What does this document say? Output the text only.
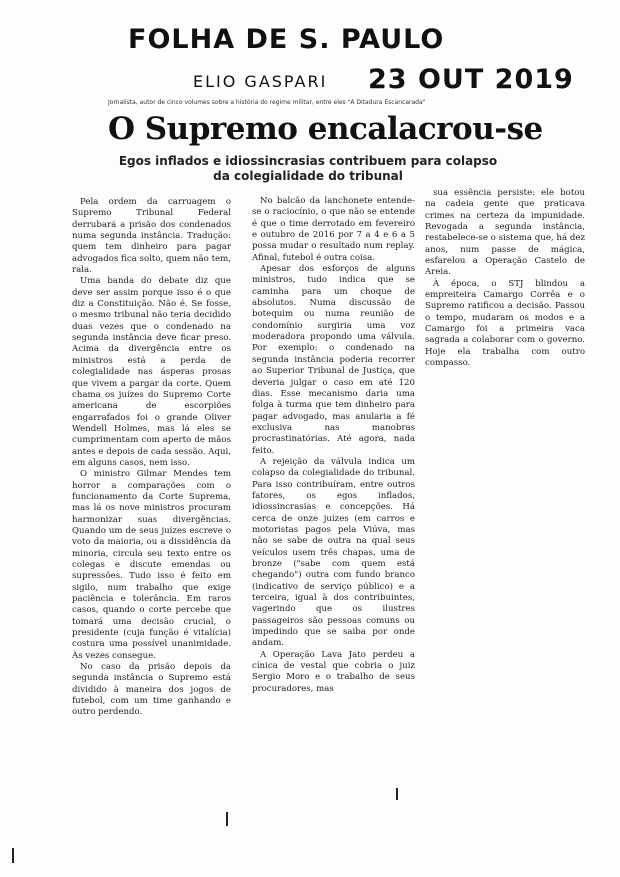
FOLHA DE S. PAULO
ELIO GASPARI 23 OUT 2019
Jornalista, autor de cinco volumes sobre a história do regime militar, entre eles "A Ditadura Escancarada"
O Supremo encalacrou-se
Egos inflados e idiossincrasias contribuem para colapso da colegialidade do tribunal

Pela ordem da carruagem o Supremo Tribunal Federal derrubará a prisão dos condenados numa segunda instância. Tradução: quem tem dinheiro para pagar advogados fica solto, quem não tem, rala.

Uma banda do debate diz que deve ser assim porque isso é o que diz a Constituição. Não é. Se fosse, o mesmo tribunal não teria decidido duas vezes que o condenado na segunda instância deve ficar preso. Acima da divergência entre os ministros está a perda de colegialidade nas ásperas prosas que vivem a pargar da corte. Quem chama os juízes do Supremo Corte americana de escorpiões engarrafados foi o grande Oliver Wendell Holmes, mas lá eles se cumprimentam com aperto de mãos antes e depois de cada sessão. Aqui, em alguns casos, nem isso.

O ministro Gilmar Mendes tem horror a comparações com o funcionamento da Corte Suprema, mas lá os nove ministros procuram harmonizar suas divergências. Quando um de seus juízes escreve o voto da maioria, ou a dissidência da minoria, circula seu texto entre os colegas e discute emendas ou supressões. Tudo isso é feito em sigilo, num trabalho que exige paciência e tolerância. Em raros casos, quando o corte percebe que tomará uma decisão crucial, o presidente (cuja função é vitalícia) costura uma possível unanimidade. Às vezes consegue.

No caso da prisão depois da segunda instância o Supremo está dividido à maneira dos jogos de futebol, com um time ganhando e outro perdendo.

No balcão da lanchonete entende-se o raciocínio, o que não se entende é que o time derrotado em fevereiro e outubro de 2016 por 7 a 4 e 6 a 5 possa mudar o resultado num replay. Afinal, futebol é outra coisa.

Apesar dos esforços de alguns ministros, tudo indica que se caminha para um choque de absolutos. Numa discussão de botequim ou numa reunião de condomínio surgiria uma voz moderadora propondo uma válvula. Por exemplo: o condenado na segunda instância poderia recorrer ao Superior Tribunal de Justiça, que deveria julgar o caso em até 120 dias. Esse mecanismo daria uma folga à turma que tem dinheiro para pagar advogado, mas anularia a fé exclusiva nas manobras procrastinatórias. Até agora, nada feito.

A rejeição da válvula indica um colapso da colegialidade do tribunal. Para isso contribuíram, entre outros fatores, os egos inflados, idiossincrasias e concepções. Há cerca de onze juízes (em carros e motoristas pagos pela Viúva, mas não se sabe de outra na qual seus veículos usem três chapas, uma de bronze ("sabe com quem está chegando") outra com fundo branco (indicativo de serviço público) e a terceira, igual à dos contribuintes, vagerindo que os ilustres passageiros são pessoas comuns ou impedindo que se saiba por onde andam.

A Operação Lava Jato perdeu a cínica de vestal que cobria o juiz Sergio Moro e o trabalho de seus procuradores, mas

sua essência persiste: ele botou na cadeia gente que praticava crimes na certeza da impunidade. Revogada a segunda instância, restabelece-se o sistema que, há dez anos, num passe de mágica, esfarelou a Operação Castelo de Areia.

À época, o STJ blindou a empreiteira Camargo Corrêa e o Supremo ratificou a decisão. Passou o tempo, mudaram os modos e a Camargo foi a primeira vaca sagrada a colaborar com o governo. Hoje ela trabalha com outro compasso.
